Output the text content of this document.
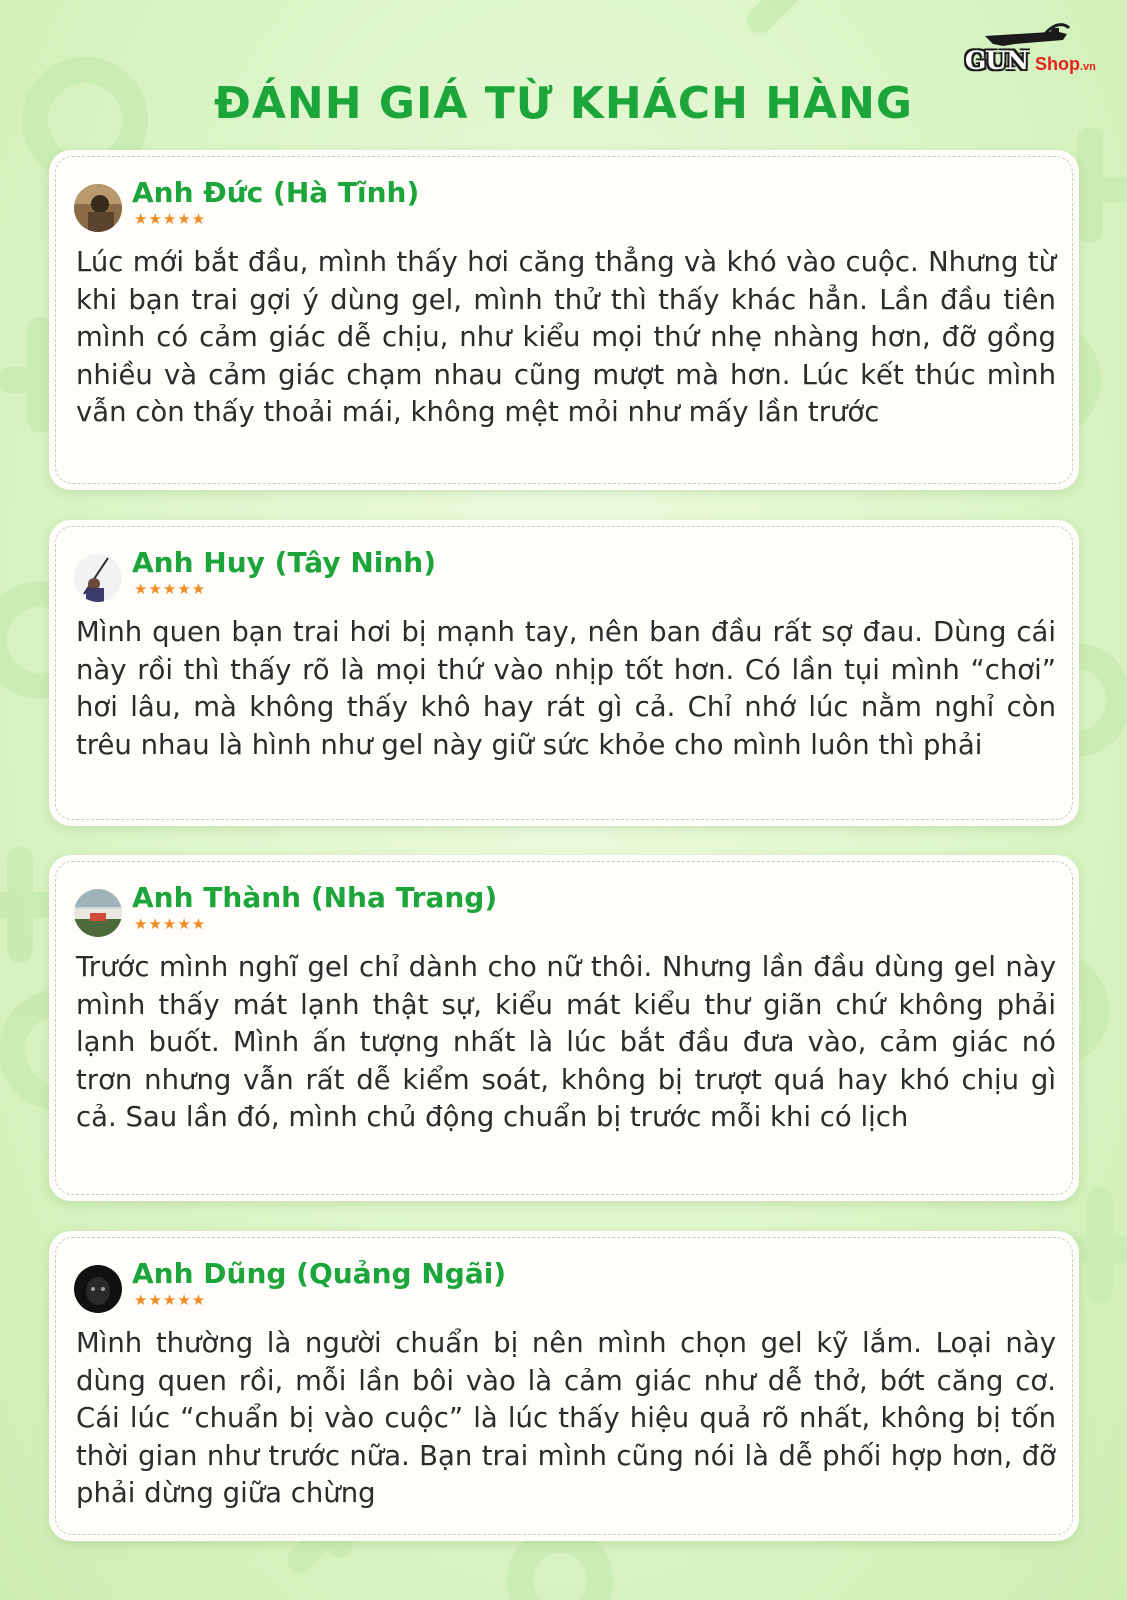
GUN Shop.vn
ĐÁNH GIÁ TỪ KHÁCH HÀNG
Anh Đức (Hà Tĩnh)
★★★★★
Lúc mới bắt đầu, mình thấy hơi căng thẳng và khó vào cuộc. Nhưng từ khi bạn trai gợi ý dùng gel, mình thử thì thấy khác hẳn. Lần đầu tiên mình có cảm giác dễ chịu, như kiểu mọi thứ nhẹ nhàng hơn, đỡ gồng nhiều và cảm giác chạm nhau cũng mượt mà hơn. Lúc kết thúc mình vẫn còn thấy thoải mái, không mệt mỏi như mấy lần trước
Anh Huy (Tây Ninh)
★★★★★
Mình quen bạn trai hơi bị mạnh tay, nên ban đầu rất sợ đau. Dùng cái này rồi thì thấy rõ là mọi thứ vào nhịp tốt hơn. Có lần tụi mình “chơi” hơi lâu, mà không thấy khô hay rát gì cả. Chỉ nhớ lúc nằm nghỉ còn trêu nhau là hình như gel này giữ sức khỏe cho mình luôn thì phải
Anh Thành (Nha Trang)
★★★★★
Trước mình nghĩ gel chỉ dành cho nữ thôi. Nhưng lần đầu dùng gel này mình thấy mát lạnh thật sự, kiểu mát kiểu thư giãn chứ không phải lạnh buốt. Mình ấn tượng nhất là lúc bắt đầu đưa vào, cảm giác nó trơn nhưng vẫn rất dễ kiểm soát, không bị trượt quá hay khó chịu gì cả. Sau lần đó, mình chủ động chuẩn bị trước mỗi khi có lịch
Anh Dũng (Quảng Ngãi)
★★★★★
Mình thường là người chuẩn bị nên mình chọn gel kỹ lắm. Loại này dùng quen rồi, mỗi lần bôi vào là cảm giác như dễ thở, bớt căng cơ. Cái lúc “chuẩn bị vào cuộc” là lúc thấy hiệu quả rõ nhất, không bị tốn thời gian như trước nữa. Bạn trai mình cũng nói là dễ phối hợp hơn, đỡ phải dừng giữa chừng
